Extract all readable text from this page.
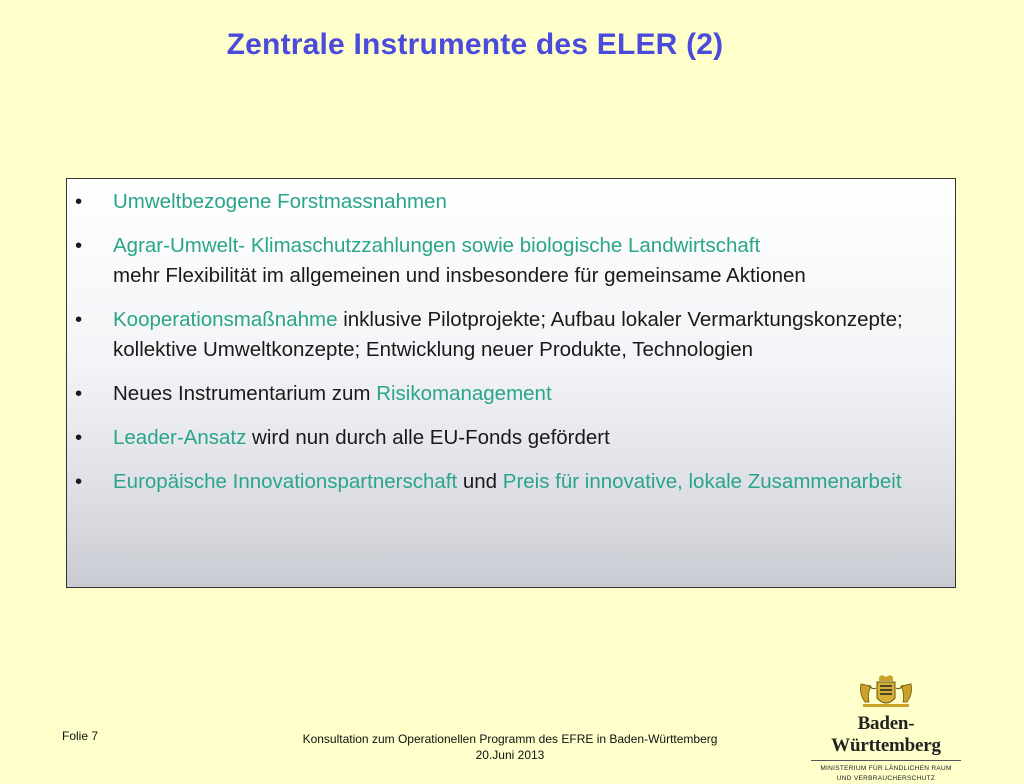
Zentrale Instrumente des ELER (2)
• Umweltbezogene Forstmassnahmen
• Agrar-Umwelt- Klimaschutzzahlungen sowie biologische Landwirtschaft
mehr Flexibilität im allgemeinen und insbesondere für gemeinsame Aktionen
• Kooperationsmaßnahme inklusive Pilotprojekte; Aufbau lokaler Vermarktungskonzepte; kollektive Umweltkonzepte; Entwicklung neuer Produkte, Technologien
• Neues Instrumentarium zum Risikomanagement
• Leader-Ansatz wird nun durch alle EU-Fonds gefördert
• Europäische Innovationspartnerschaft und Preis für innovative, lokale Zusammenarbeit
Folie 7	Konsultation zum Operationellen Programm des EFRE in Baden-Württemberg
20.Juni 2013
Baden-Württemberg
MINISTERIUM FÜR LÄNDLICHEN RAUM
UND VERBRAUCHERSCHUTZ
